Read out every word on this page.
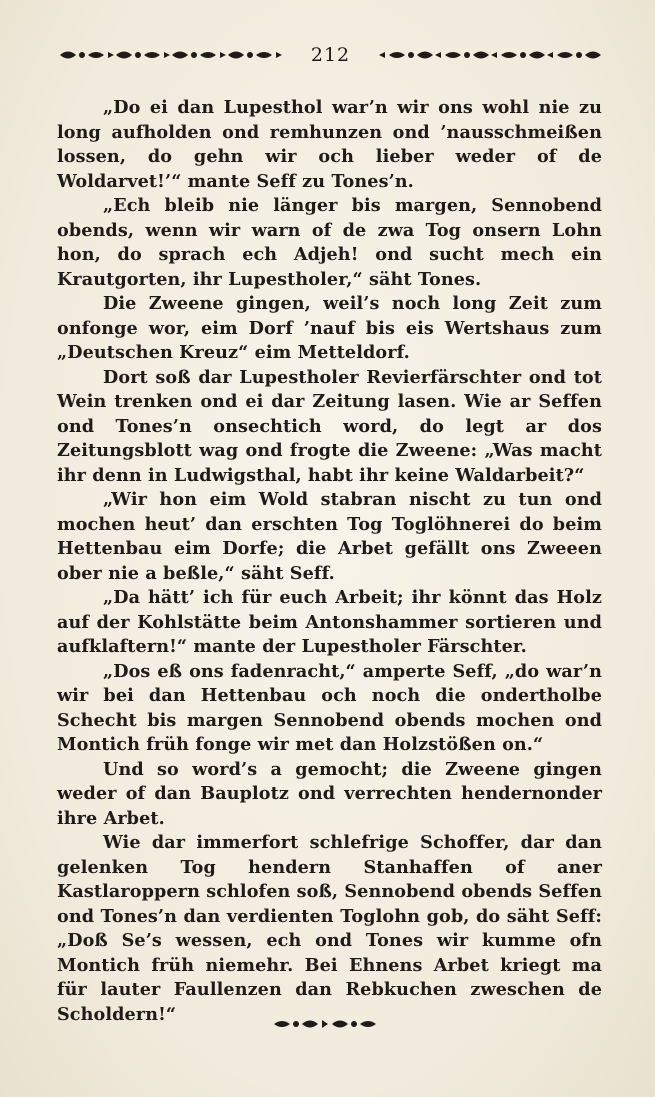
212

„Do ei dan Lupesthol war’n wir ons wohl nie zu long aufholden ond remhunzen ond ’nausschmeißen lossen, do gehn wir och lieber weder of de Woldarvet!’“ mante Seff zu Tones’n.

„Ech bleib nie länger bis margen, Sennobend obends, wenn wir warn of de zwa Tog onsern Lohn hon, do sprach ech Adjeh! ond sucht mech ein Krautgorten, ihr Lupestholer,“ säht Tones.

Die Zweene gingen, weil’s noch long Zeit zum onfonge wor, eim Dorf ’nauf bis eis Wertshaus zum „Deutschen Kreuz“ eim Metteldorf.

Dort soß dar Lupestholer Revierfärschter ond tot Wein trenken ond ei dar Zeitung lasen. Wie ar Seffen ond Tones’n onsechtich word, do legt ar dos Zeitungsblott wag ond frogte die Zweene: „Was macht ihr denn in Ludwigsthal, habt ihr keine Waldarbeit?“

„Wir hon eim Wold stabran nischt zu tun ond mochen heut’ dan erschten Tog Toglöhnerei do beim Hettenbau eim Dorfe; die Arbet gefällt ons Zweeen ober nie a beßle,“ säht Seff.

„Da hätt’ ich für euch Arbeit; ihr könnt das Holz auf der Kohlstätte beim Antonshammer sortieren und aufklaftern!“ mante der Lupestholer Färschter.

„Dos eß ons fadenracht,“ amperte Seff, „do war’n wir bei dan Hettenbau och noch die ondertholbe Schecht bis margen Sennobend obends mochen ond Montich früh fonge wir met dan Holzstößen on.“

Und so word’s a gemocht; die Zweene gingen weder of dan Bauplotz ond verrechten hendernonder ihre Arbet.

Wie dar immerfort schlefrige Schoffer, dar dan gelenken Tog hendern Stanhaffen of aner Kastlaroppern schlofen soß, Sennobend obends Seffen ond Tones’n dan verdienten Toglohn gob, do säht Seff: „Doß Se’s wessen, ech ond Tones wir kumme ofn Montich früh niemehr. Bei Ehnens Arbet kriegt ma für lauter Faullenzen dan Rebkuchen zweschen de Scholdern!“
